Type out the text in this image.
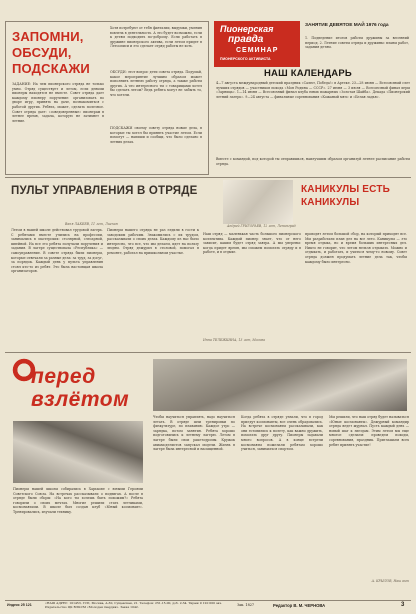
ЗАПОМНИ, ОБСУДИ, ПОДСКАЖИ
ЗАДАНИЕ: На чем пионерского отряда не только умно. Отряд существует и летом, если деньми пионеры находятся не вместе. Совет отряда дает каждому пионеру поручение: организовать во дворе игру, принять на даче, познакомиться с работой других. Ребята, может, сделать полезное. Совет отряда дает: «соведоверенные» пионерам в летнее время, задача, которую не затихнет в летние.
Хотя потребуют от тебя фантазии, выдумки, умения вовлечь в деятельность. А это будет возможно, если к детям подходить по-доброму. Если работать в дружине пионерского актива, если летом придет в Летоописи и это сделает отряд работы не хоть.
ОБСУДИ: этот вопрос дети совета отряда. Подумай, какое мероприятие лучшим образом может пополнить летнюю работу отряда, а также работы других. А что интересного ты с товарищами хотел бы сделать летом? Ведь ребята могут не забыть то, что хотели.
ПОДСКАЖИ своему совету отряда новые дела, в которые ты хотел бы принять участие летом. Если помогут — напиши и сообщи, что было сделано в летних делах.
Пионерская
правда
СЕМИНАР
ПИОНЕРСКОГО АКТИВИСТА
ЗАНЯТИЕ ДЕВЯТОЕ МАЙ 1976 года
1. Подведение итогов работы дружины за весенний период. 2. Летние советы отряда и дружины: планы работ, задания детям.
НАШ КАЛЕНДАРЬ
4—7 августа международный детский праздник «Салют, Победа!» в Артеке. 23—28 июня — Всесоюзный слет лучших отрядов — участников похода «Моя Родина — СССР». 27 июня — 3 июля — Всесоюзный финал игры «Зарница». 1—14 июня — Всесоюзный финал клуба юных пожарных «Золотая Шайба». Декада «Пионерский летний лагерь». 9—24 августа — финальные соревнования «Кожаный мяч» и «Белая ладья».
Вместе с командой, под которой ты отправишься, наилучшим образом организуй летнее расписание работы отряда.
ПУЛЬТ УПРАВЛЕНИЯ В ОТРЯДЕ
Ваня ЛАКЕЕВ, 11 лет, Лиепая
Летом в нашей школе действовал трудовой лагерь. С ребятами вместе учились на профессии, занимались в мастерских: столярной, слесарной, швейной. На все это ребята получали поручения и задания. В лагере существовала «Республика» — самоуправление. В совете отряда были пионеры, которые отвечали за разные дела: за труд, за досуг, за порядок. Каждый день у пульта управления стоял кто-то из ребят. Это была настоящая школа организаторов.
Пионеры нашего отряда не раз ездили в гости к заводским рабочим. Знакомились с их трудом, рассказывали о своих делах. Каждому из нас было интересно, что все, что мы делаем, идет на пользу людям. Отряд дежурил в столовой, помогал в ремонте, работал на пришкольном участке.
Андрей ГРИГОРЬЕВ, 12 лет, Ленинград
КАНИКУЛЫ ЕСТЬ КАНИКУЛЫ
Наш отряд — маленькая часть большого пионерского коллектива. Каждый пионер знает, что от него зависит, каким будет отряд завтра. А мы уверены: когда придет время, мы сможем помогать отряду и в работе, и в отдыхе.
проводят летом большой сбор, на который приходят все. Мы разработали план дел на все лето. Каникулы — это время отдыха, но и время больших интересных дел. Никто не говорит, что летом нельзя отдыхать. Можно и отдыхать, и работать, и учиться чему-то новому. Совет отряда должен продумать летние дела так, чтобы каждому было интересно.
Инна ТЕЛЕЖКИНА, 13 лет, Москва
перед взлётом
Пионеры нашей школы собирались в Харькове с юными Героями Советского Союза. На встречах рассказывали о подвигах. А после в отряде были сборы: «На кого ты хочешь быть похожим?» Ребята говорили о своих мечтах. Многие решили стать летчиками, космонавтами. В школе был создан клуб «Юный космонавт». Тренировались, изучали технику.
Чтобы научиться управлять, надо научиться летать. В отряде шли тренировки по физкультуре, по плаванию. Каждое утро — зарядка, потом занятия. Ребята хорошо подготовились к летнему лагерю. Летом в лагере были свои ракетодромы. Кружок авиамоделистов запускал модели. Жизнь в лагере была интересной и насыщенной.
Когда ребята в отряде узнали, что в город приедут космонавты, все очень обрадовались. На встрече космонавты рассказывали, как они готовились к полету, как важно дружить, помогать друг другу. Пионеры задавали много вопросов. А в конце встречи космонавты пожелали ребятам хорошо учиться, заниматься спортом.
Мы решили, что наш отряд будет называться «Юные космонавты». Дежурный командир отряда ведет журнал. Пусть каждый день — новый шаг к звездам. Этим летом мы еще многое сделаем: проведем походы, соревнования, праздник. Приглашаем всех ребят принять участие!
А. КРЫЛОВ, Наш акт
Индекс 25 121	«НАШ АДРЕС: 101453, ГСП, Москва, А-30, Сущевская, 21. Телефон: 251-15-00, доб. 2-34. Тираж 9 120 000 экз. Издательство ЦК ВЛКСМ «Молодая гвардия». Заказ 1042.	Зак. 1827	Редактор В. М. ЧЕРНОВА	3
